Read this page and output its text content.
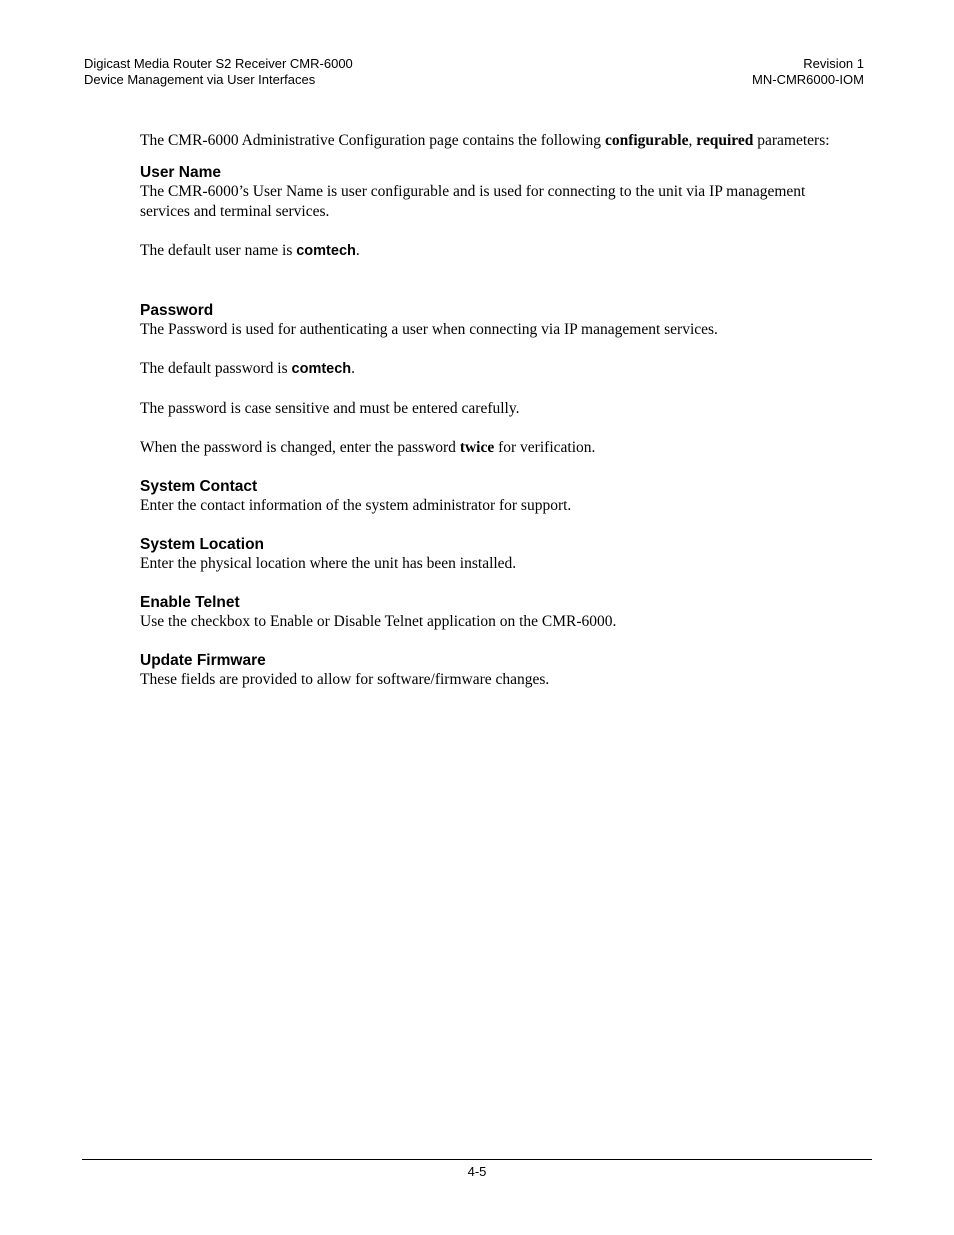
Digicast Media Router S2 Receiver CMR-6000
Device Management via User Interfaces
Revision 1
MN-CMR6000-IOM

The CMR-6000 Administrative Configuration page contains the following configurable, required parameters:

User Name

The CMR-6000’s User Name is user configurable and is used for connecting to the unit via IP management services and terminal services.

The default user name is comtech.

Password

The Password is used for authenticating a user when connecting via IP management services.

The default password is comtech.

The password is case sensitive and must be entered carefully.

When the password is changed, enter the password twice for verification.

System Contact

Enter the contact information of the system administrator for support.

System Location

Enter the physical location where the unit has been installed.

Enable Telnet

Use the checkbox to Enable or Disable Telnet application on the CMR-6000.

Update Firmware

These fields are provided to allow for software/firmware changes.

4-5
